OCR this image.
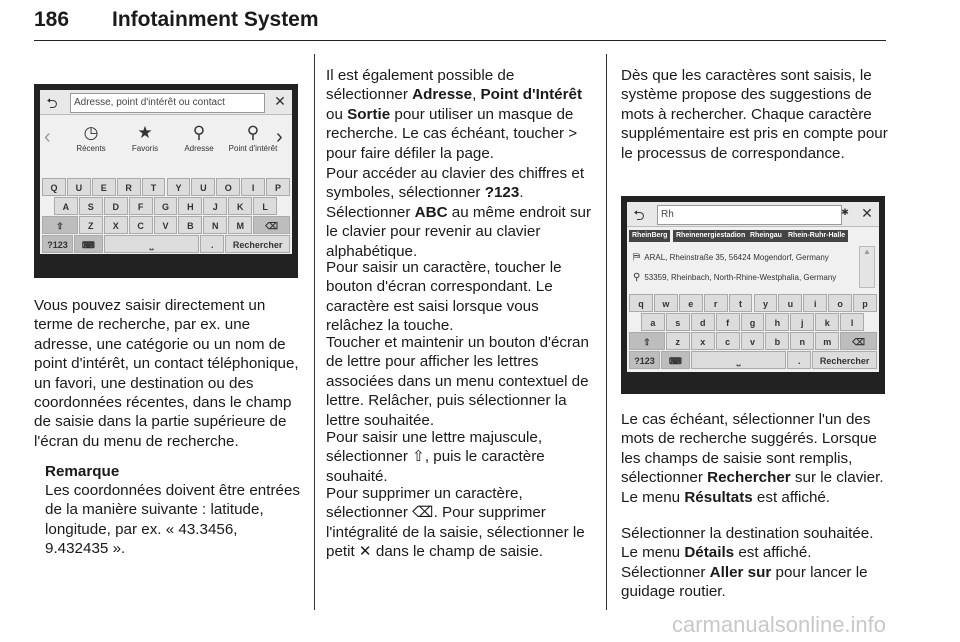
186 Infotainment System
⮌	Adresse, point d'intérêt ou contact	✕
‹	›
◷
Récents
★
Favoris
⚲
Adresse
⚲
Point d'intérêt
Q	U	E	R	T	Y	U	O	I	P
A	S	D	F	G	H	J	K	L
⇧	Z	X	C	V	B	N	M	⌫
?123	⌨	⎵	.	Rechercher

Vous pouvez saisir directement un terme de recherche, par ex. une adresse, une catégorie ou un nom de point d'intérêt, un contact téléphonique, un favori, une destination ou des coordonnées récentes, dans le champ de saisie dans la partie supérieure de l'écran du menu de recherche.

Remarque

Les coordonnées doivent être entrées de la manière suivante : latitude, longitude, par ex. « 43.3456, 9.432435 ».

Il est également possible de sélectionner Adresse, Point d'Intérêt ou Sortie pour utiliser un masque de recherche. Le cas échéant, toucher > pour faire défiler la page.

Pour accéder au clavier des chiffres et symboles, sélectionner ?123. Sélectionner ABC au même endroit sur le clavier pour revenir au clavier alphabétique.

Pour saisir un caractère, toucher le bouton d'écran correspondant. Le caractère est saisi lorsque vous relâchez la touche.

Toucher et maintenir un bouton d'écran de lettre pour afficher les lettres associées dans un menu contextuel de lettre. Relâcher, puis sélectionner la lettre souhaitée.

Pour saisir une lettre majuscule, sélectionner ⇧, puis le caractère souhaité.

Pour supprimer un caractère, sélectionner ⌫. Pour supprimer l'intégralité de la saisie, sélectionner le petit ✕ dans le champ de saisie.

Dès que les caractères sont saisis, le système propose des suggestions de mots à rechercher. Chaque caractère supplémentaire est pris en compte pour le processus de correspondance.

⮌	Rh	✱ ✕
RheinBerg	Rheinenergiestadion Rheingau Rhein-Ruhr-Halle
⛿ ARAL, Rheinstraße 35, 56424 Mogendorf, Germany
⚲ 53359, Rheinbach, North-Rhine-Westphalia, Germany
▲
q	w	e	r	t	y	u	i	o	p
a	s	d	f	g	h	j	k	l
⇧	z	x	c	v	b	n	m	⌫
?123	⌨	⎵	.	Rechercher

Le cas échéant, sélectionner l'un des mots de recherche suggérés. Lorsque les champs de saisie sont remplis, sélectionner Rechercher sur le clavier. Le menu Résultats est affiché.

Sélectionner la destination souhaitée. Le menu Détails est affiché. Sélectionner Aller sur pour lancer le guidage routier.

carmanualsonline.info
